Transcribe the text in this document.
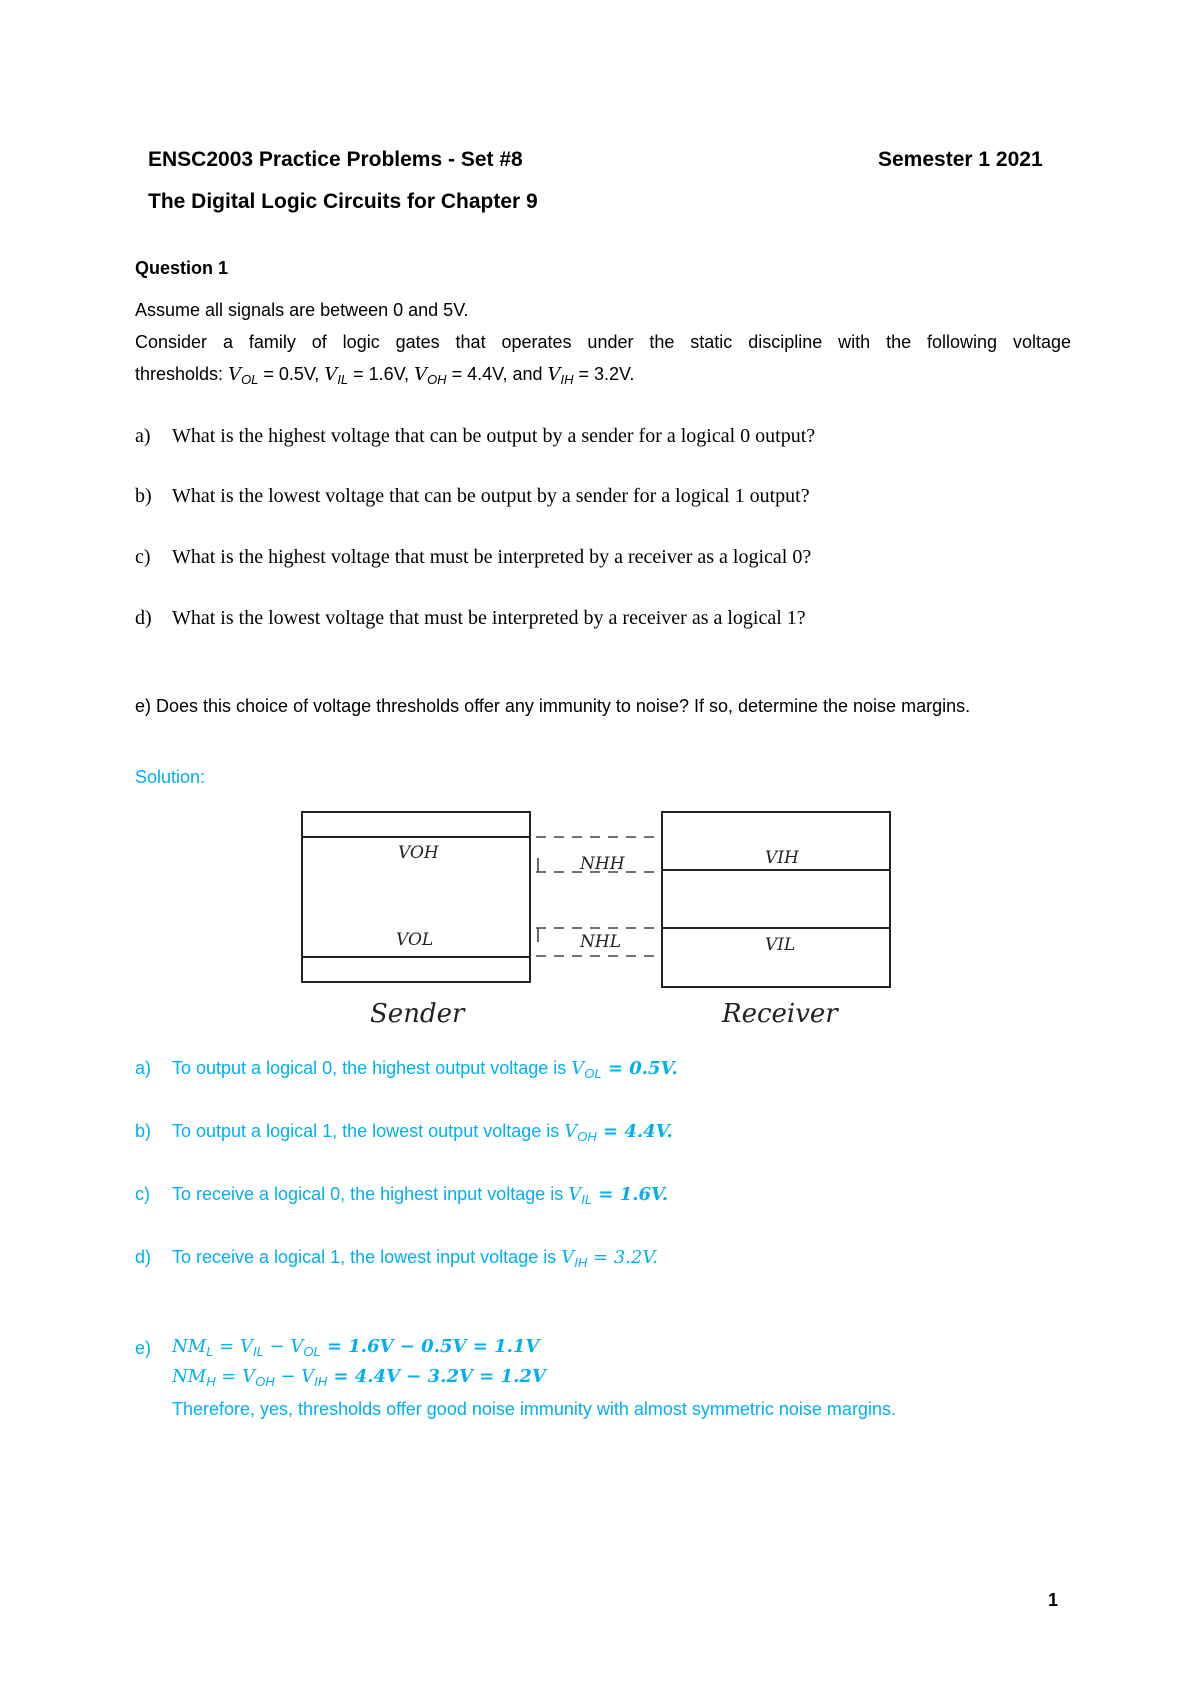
ENSC2003 Practice Problems - Set #8	Semester 1 2021
The Digital Logic Circuits for Chapter 9
Question 1
Assume all signals are between 0 and 5V.
Consider a family of logic gates that operates under the static discipline with the following voltage
thresholds: $V_{OL} = 0.5V$, $V_{IL} = 1.6V$, $V_{OH} = 4.4V$, and $V_{IH} = 3.2V$.
a) What is the highest voltage that can be output by a sender for a logical 0 output?
b) What is the lowest voltage that can be output by a sender for a logical 1 output?
c) What is the highest voltage that must be interpreted by a receiver as a logical 0?
d) What is the lowest voltage that must be interpreted by a receiver as a logical 1?
e) Does this choice of voltage thresholds offer any immunity to noise? If so, determine the noise margins.
Solution:
VOH
VOL
NHH
NHL
VIH
VIL
Sender	Receiver
a) To output a logical 0, the highest output voltage is $V_{OL} = 0.5V$.
b) To output a logical 1, the lowest output voltage is $V_{OH} = 4.4V$.
c) To receive a logical 0, the highest input voltage is $V_{IL} = 1.6V$.
d) To receive a logical 1, the lowest input voltage is $V_{IH} = 3.2V$.
e) $NM_L = V_{IL} - V_{OL} = 1.6V - 0.5V = 1.1V$
$NM_H = V_{OH} - V_{IH} = 4.4V - 3.2V = 1.2V$
Therefore, yes, thresholds offer good noise immunity with almost symmetric noise margins.
1
